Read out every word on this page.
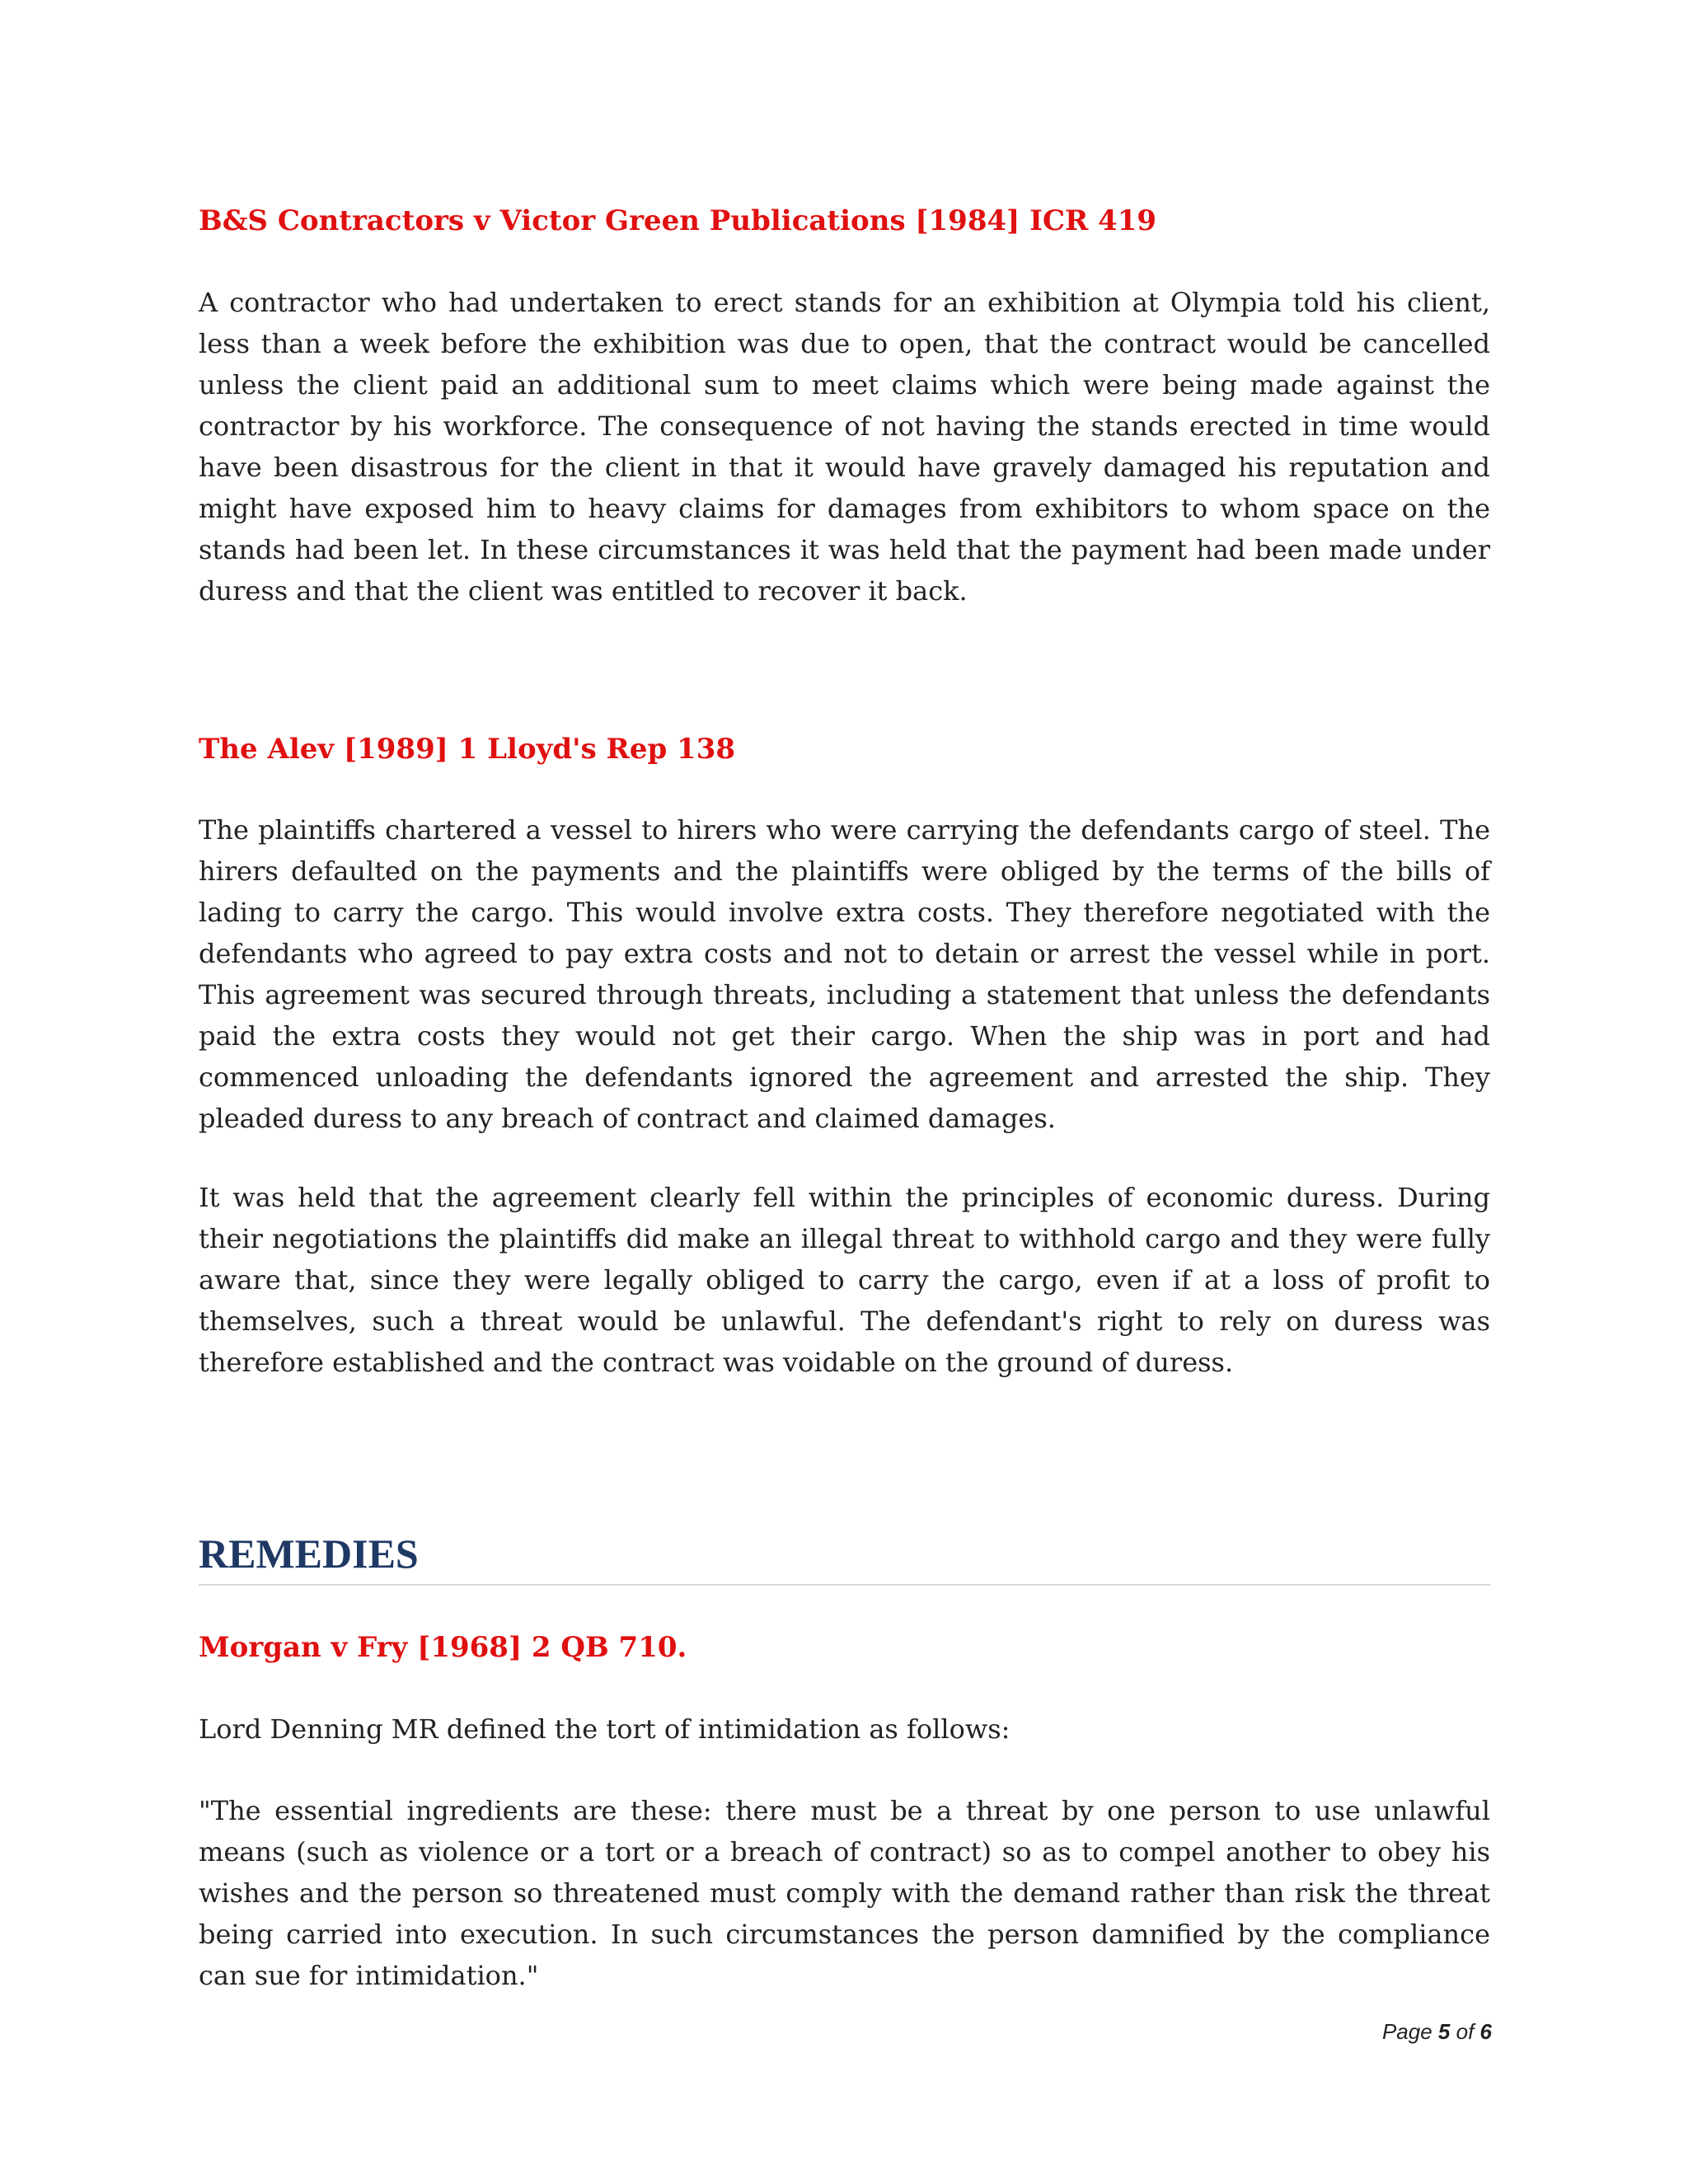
B&S Contractors v Victor Green Publications [1984] ICR 419

A contractor who had undertaken to erect stands for an exhibition at Olympia told his client, less than a week before the exhibition was due to open, that the contract would be cancelled unless the client paid an additional sum to meet claims which were being made against the contractor by his workforce. The consequence of not having the stands erected in time would have been disastrous for the client in that it would have gravely damaged his reputation and might have exposed him to heavy claims for damages from exhibitors to whom space on the stands had been let. In these circumstances it was held that the payment had been made under duress and that the client was entitled to recover it back.

The Alev [1989] 1 Lloyd's Rep 138

The plaintiffs chartered a vessel to hirers who were carrying the defendants cargo of steel. The hirers defaulted on the payments and the plaintiffs were obliged by the terms of the bills of lading to carry the cargo. This would involve extra costs. They therefore negotiated with the defendants who agreed to pay extra costs and not to detain or arrest the vessel while in port. This agreement was secured through threats, including a statement that unless the defendants paid the extra costs they would not get their cargo. When the ship was in port and had commenced unloading the defendants ignored the agreement and arrested the ship. They pleaded duress to any breach of contract and claimed damages.

It was held that the agreement clearly fell within the principles of economic duress. During their negotiations the plaintiffs did make an illegal threat to withhold cargo and they were fully aware that, since they were legally obliged to carry the cargo, even if at a loss of profit to themselves, such a threat would be unlawful. The defendant's right to rely on duress was therefore established and the contract was voidable on the ground of duress.

REMEDIES
Morgan v Fry [1968] 2 QB 710.

Lord Denning MR defined the tort of intimidation as follows:

"The essential ingredients are these: there must be a threat by one person to use unlawful means (such as violence or a tort or a breach of contract) so as to compel another to obey his wishes and the person so threatened must comply with the demand rather than risk the threat being carried into execution. In such circumstances the person damnified by the compliance can sue for intimidation."

Page 5 of 6
